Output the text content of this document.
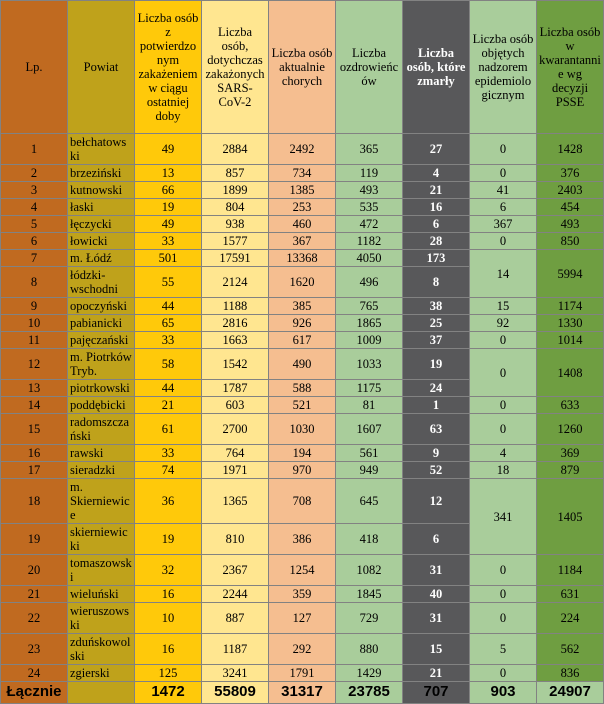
Lp.	Powiat	Liczba osób z potwierdzonym zakażeniem w ciągu ostatniej doby	Liczba osób, dotychczas zakażonych SARS-CoV-2	Liczba osób aktualnie chorych	Liczba ozdrowieńców	Liczba osób, które zmarły	Liczba osób objętych nadzorem epidemiologicznym	Liczba osób w kwarantannie wg decyzji PSSE
1	bełchatowski	49	2884	2492	365	27	0	1428
2	brzeziński	13	857	734	119	4	0	376
3	kutnowski	66	1899	1385	493	21	41	2403
4	łaski	19	804	253	535	16	6	454
5	łęczycki	49	938	460	472	6	367	493
6	łowicki	33	1577	367	1182	28	0	850
7	m. Łódź	501	17591	13368	4050	173	14	5994
8	łódzki-wschodni	55	2124	1620	496	8		
9	opoczyński	44	1188	385	765	38	15	1174
10	pabianicki	65	2816	926	1865	25	92	1330
11	pajęczański	33	1663	617	1009	37	0	1014
12	m. Piotrków Tryb.	58	1542	490	1033	19	0	1408
13	piotrkowski	44	1787	588	1175	24		
14	poddębicki	21	603	521	81	1	0	633
15	radomszczański	61	2700	1030	1607	63	0	1260
16	rawski	33	764	194	561	9	4	369
17	sieradzki	74	1971	970	949	52	18	879
18	m. Skierniewice	36	1365	708	645	12	341	1405
19	skierniewicki	19	810	386	418	6		
20	tomaszowski	32	2367	1254	1082	31	0	1184
21	wieluński	16	2244	359	1845	40	0	631
22	wieruszowski	10	887	127	729	31	0	224
23	zduńskowolski	16	1187	292	880	15	5	562
24	zgierski	125	3241	1791	1429	21	0	836
Łącznie		1472	55809	31317	23785	707	903	24907
